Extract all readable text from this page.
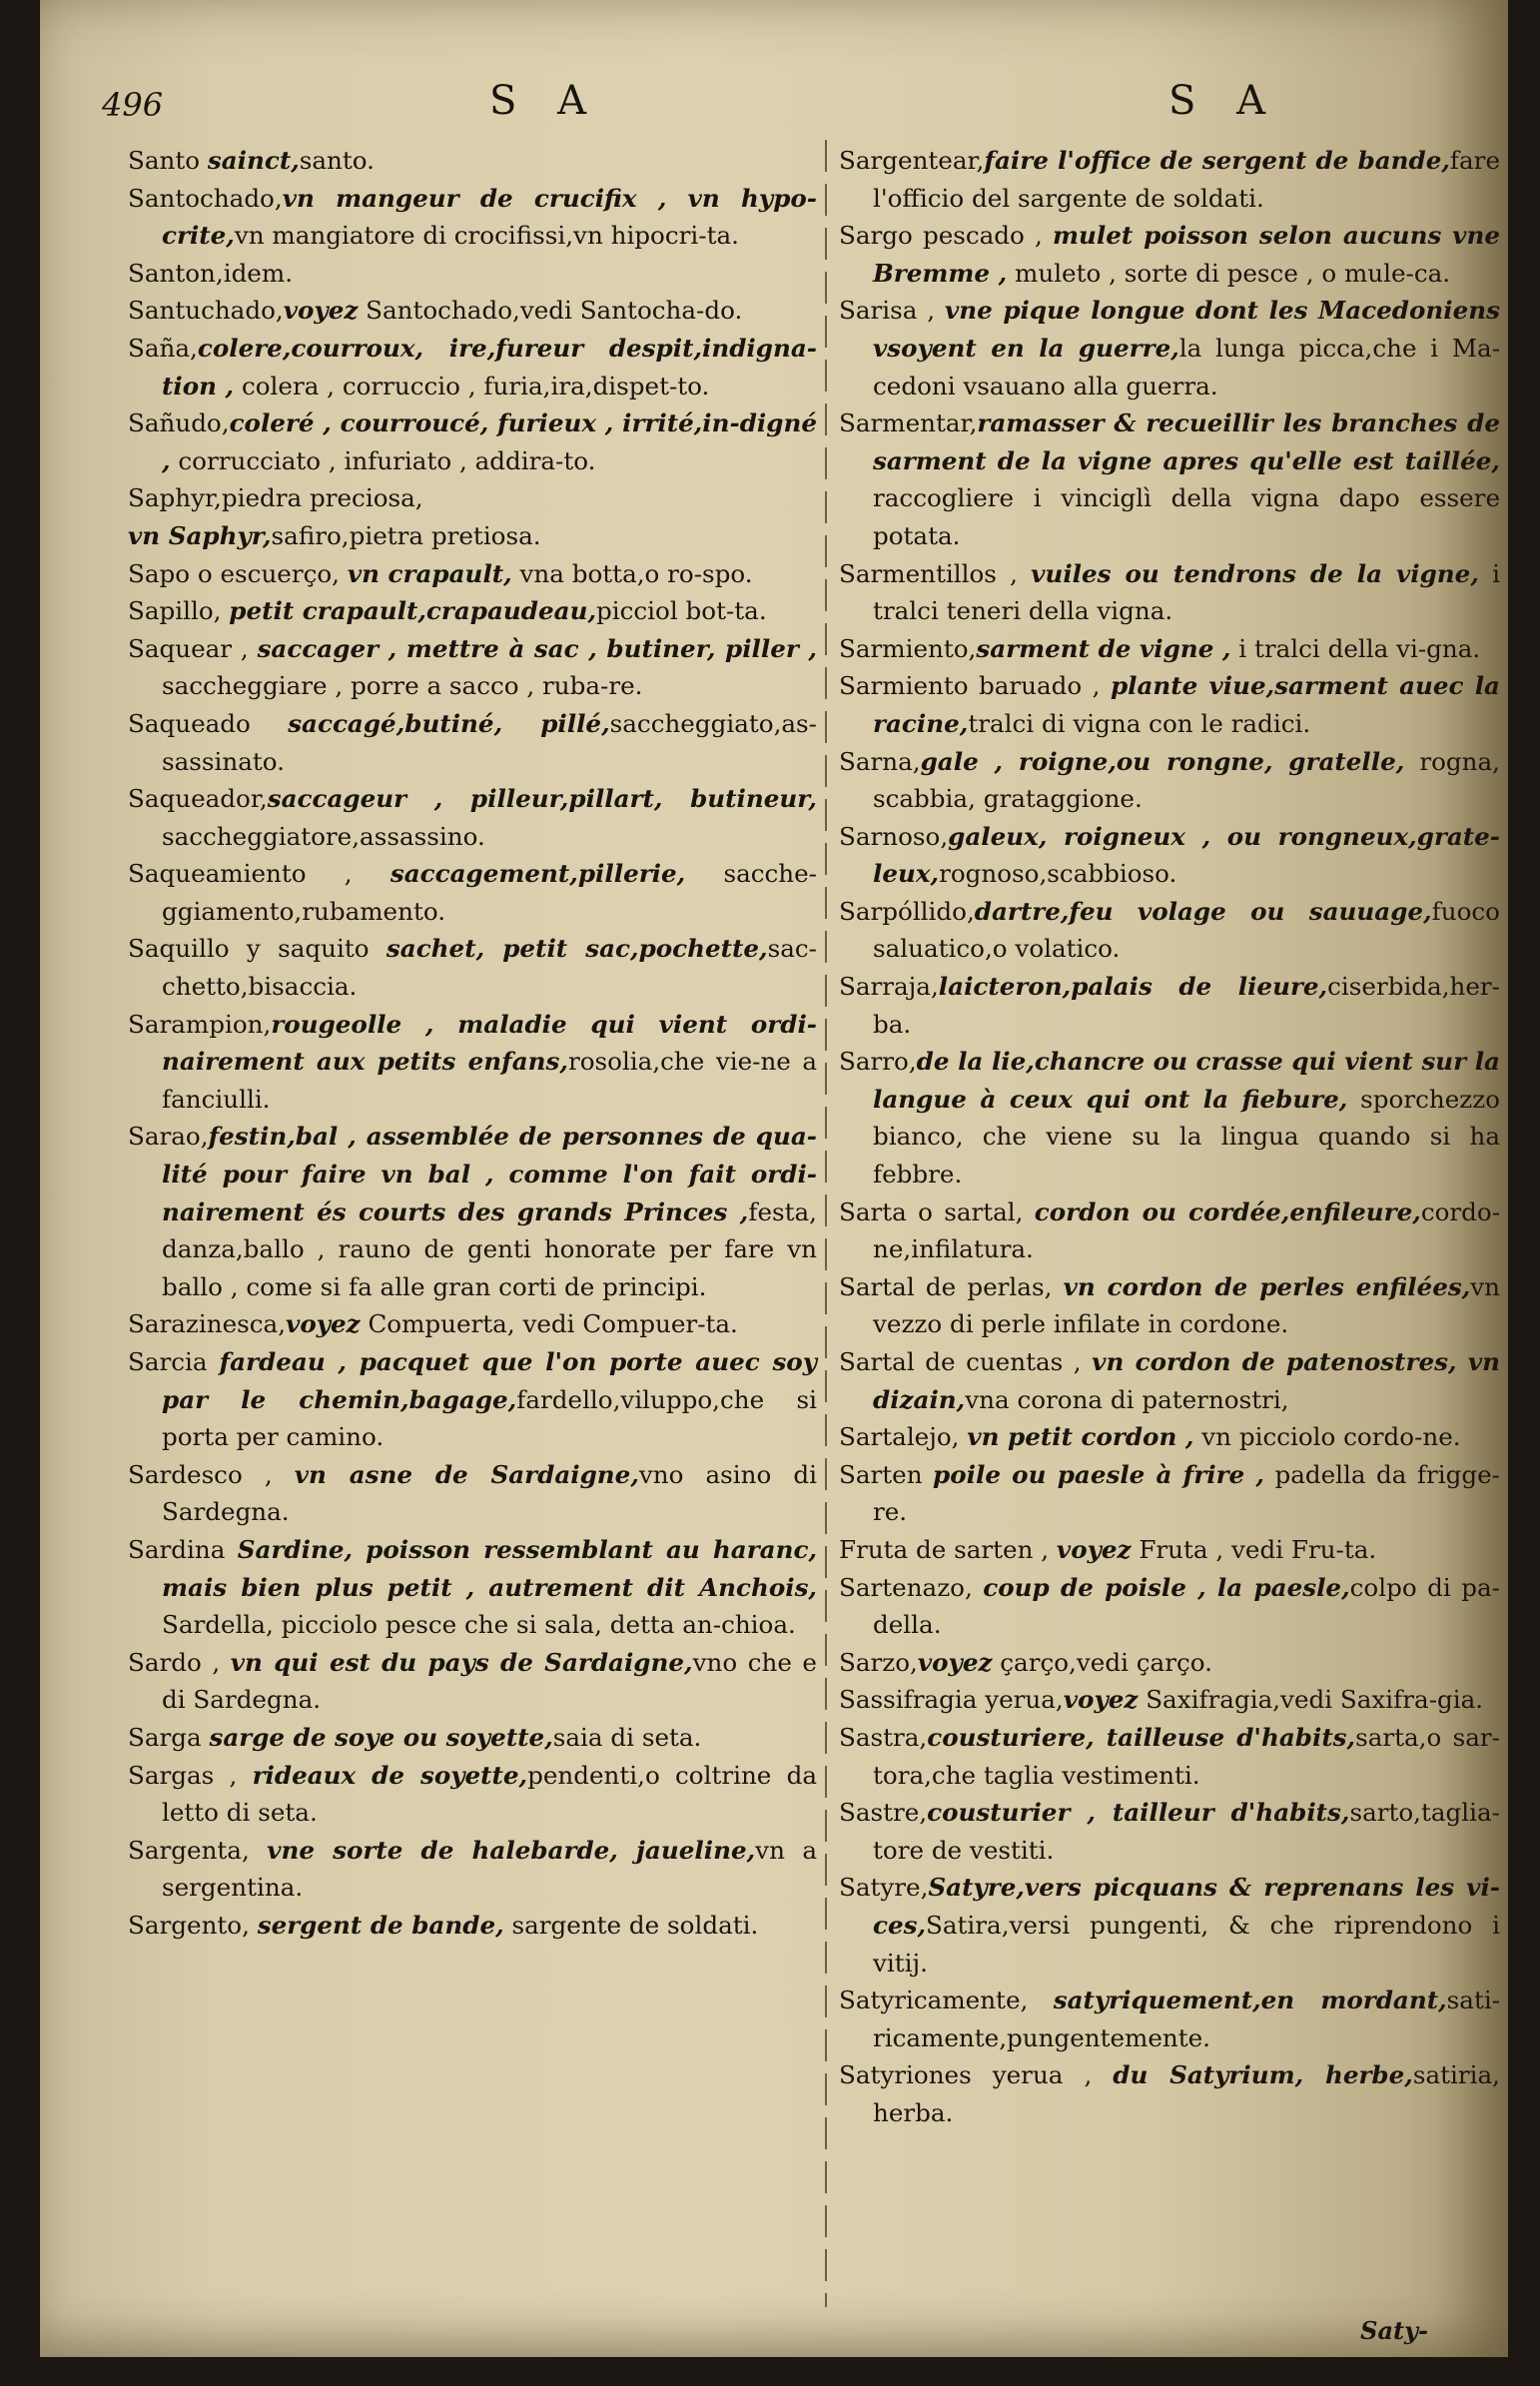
496	S A	S A
Santo sainct,santo.
Santochado,vn mangeur de crucifix , vn hypo-crite,vn mangiatore di crocifissi,vn hipocri-ta.
Santon,idem.
Santuchado,voyez Santochado,vedi Santocha-do.
Saña,colere,courroux, ire,fureur despit,indigna-tion , colera , corruccio , furia,ira,dispet-to.
Sañudo,coleré , courroucé, furieux , irrité,in-digné , corrucciato , infuriato , addira-to.
Saphyr,piedra preciosa,
vn Saphyr,safiro,pietra pretiosa.
Sapo o escuerço, vn crapault, vna botta,o ro-spo.
Sapillo, petit crapault,crapaudeau,picciol bot-ta.
Saquear , saccager , mettre à sac , butiner, piller , saccheggiare , porre a sacco , ruba-re.
Saqueado saccagé,butiné, pillé,saccheggiato,as-sassinato.
Saqueador,saccageur , pilleur,pillart, butineur, saccheggiatore,assassino.
Saqueamiento , saccagement,pillerie, sacche-ggiamento,rubamento.
Saquillo y saquito sachet, petit sac,pochette,sac-chetto,bisaccia.
Sarampion,rougeolle , maladie qui vient ordi-nairement aux petits enfans,rosolia,che vie-ne a fanciulli.
Sarao,festin,bal , assemblée de personnes de qua-lité pour faire vn bal , comme l'on fait ordi-nairement és courts des grands Princes ,festa, danza,ballo , rauno de genti honorate per fare vn ballo , come si fa alle gran corti de principi.
Sarazinesca,voyez Compuerta, vedi Compuer-ta.
Sarcia fardeau , pacquet que l'on porte auec soy par le chemin,bagage,fardello,viluppo,che si porta per camino.
Sardesco , vn asne de Sardaigne,vno asino di Sardegna.
Sardina Sardine, poisson ressemblant au haranc, mais bien plus petit , autrement dit Anchois, Sardella, picciolo pesce che si sala, detta an-chioa.
Sardo , vn qui est du pays de Sardaigne,vno che e di Sardegna.
Sarga sarge de soye ou soyette,saia di seta.
Sargas , rideaux de soyette,pendenti,o coltrine da letto di seta.
Sargenta, vne sorte de halebarde, jaueline,vn a sergentina.
Sargento, sergent de bande, sargente de soldati.
Sargentear,faire l'office de sergent de bande,fare l'officio del sargente de soldati.
Sargo pescado , mulet poisson selon aucuns vne Bremme , muleto , sorte di pesce , o mule-ca.
Sarisa , vne pique longue dont les Macedoniens vsoyent en la guerre,la lunga picca,che i Ma-cedoni vsauano alla guerra.
Sarmentar,ramasser & recueillir les branches de sarment de la vigne apres qu'elle est taillée, raccogliere i vinciglì della vigna dapo essere potata.
Sarmentillos , vuiles ou tendrons de la vigne, i tralci teneri della vigna.
Sarmiento,sarment de vigne , i tralci della vi-gna.
Sarmiento baruado , plante viue,sarment auec la racine,tralci di vigna con le radici.
Sarna,gale , roigne,ou rongne, gratelle, rogna, scabbia, grataggione.
Sarnoso,galeux, roigneux , ou rongneux,grate-leux,rognoso,scabbioso.
Sarpóllido,dartre,feu volage ou sauuage,fuoco saluatico,o volatico.
Sarraja,laicteron,palais de lieure,ciserbida,her-ba.
Sarro,de la lie,chancre ou crasse qui vient sur la langue à ceux qui ont la fiebure, sporchezzo bianco, che viene su la lingua quando si ha febbre.
Sarta o sartal, cordon ou cordée,enfileure,cordo-ne,infilatura.
Sartal de perlas, vn cordon de perles enfilées,vn vezzo di perle infilate in cordone.
Sartal de cuentas , vn cordon de patenostres, vn dizain,vna corona di paternostri,
Sartalejo, vn petit cordon , vn picciolo cordo-ne.
Sarten poile ou paesle à frire , padella da frigge-re.
Fruta de sarten , voyez Fruta , vedi Fru-ta.
Sartenazo, coup de poisle , la paesle,colpo di pa-della.
Sarzo,voyez çarço,vedi çarço.
Sassifragia yerua,voyez Saxifragia,vedi Saxifra-gia.
Sastra,cousturiere, tailleuse d'habits,sarta,o sar-tora,che taglia vestimenti.
Sastre,cousturier , tailleur d'habits,sarto,taglia-tore de vestiti.
Satyre,Satyre,vers picquans & reprenans les vi-ces,Satira,versi pungenti, & che riprendono i vitij.
Satyricamente, satyriquement,en mordant,sati-ricamente,pungentemente.
Satyriones yerua , du Satyrium, herbe,satiria, herba.
Saty-
